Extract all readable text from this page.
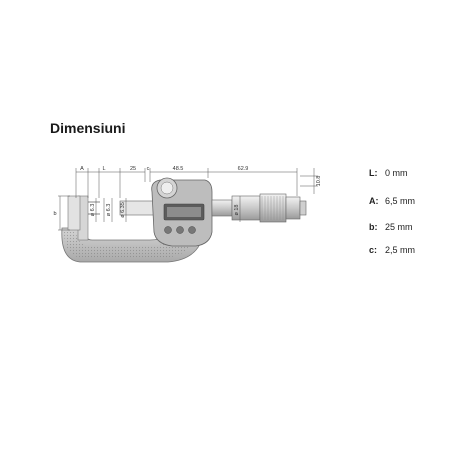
Dimensiuni
A	L	25 c	48.5	62.9
b	ø 6.3 ø 6.3 ø 6.35	ø 18
10.8
L: 0 mm
A: 6,5 mm
b: 25 mm
c: 2,5 mm
